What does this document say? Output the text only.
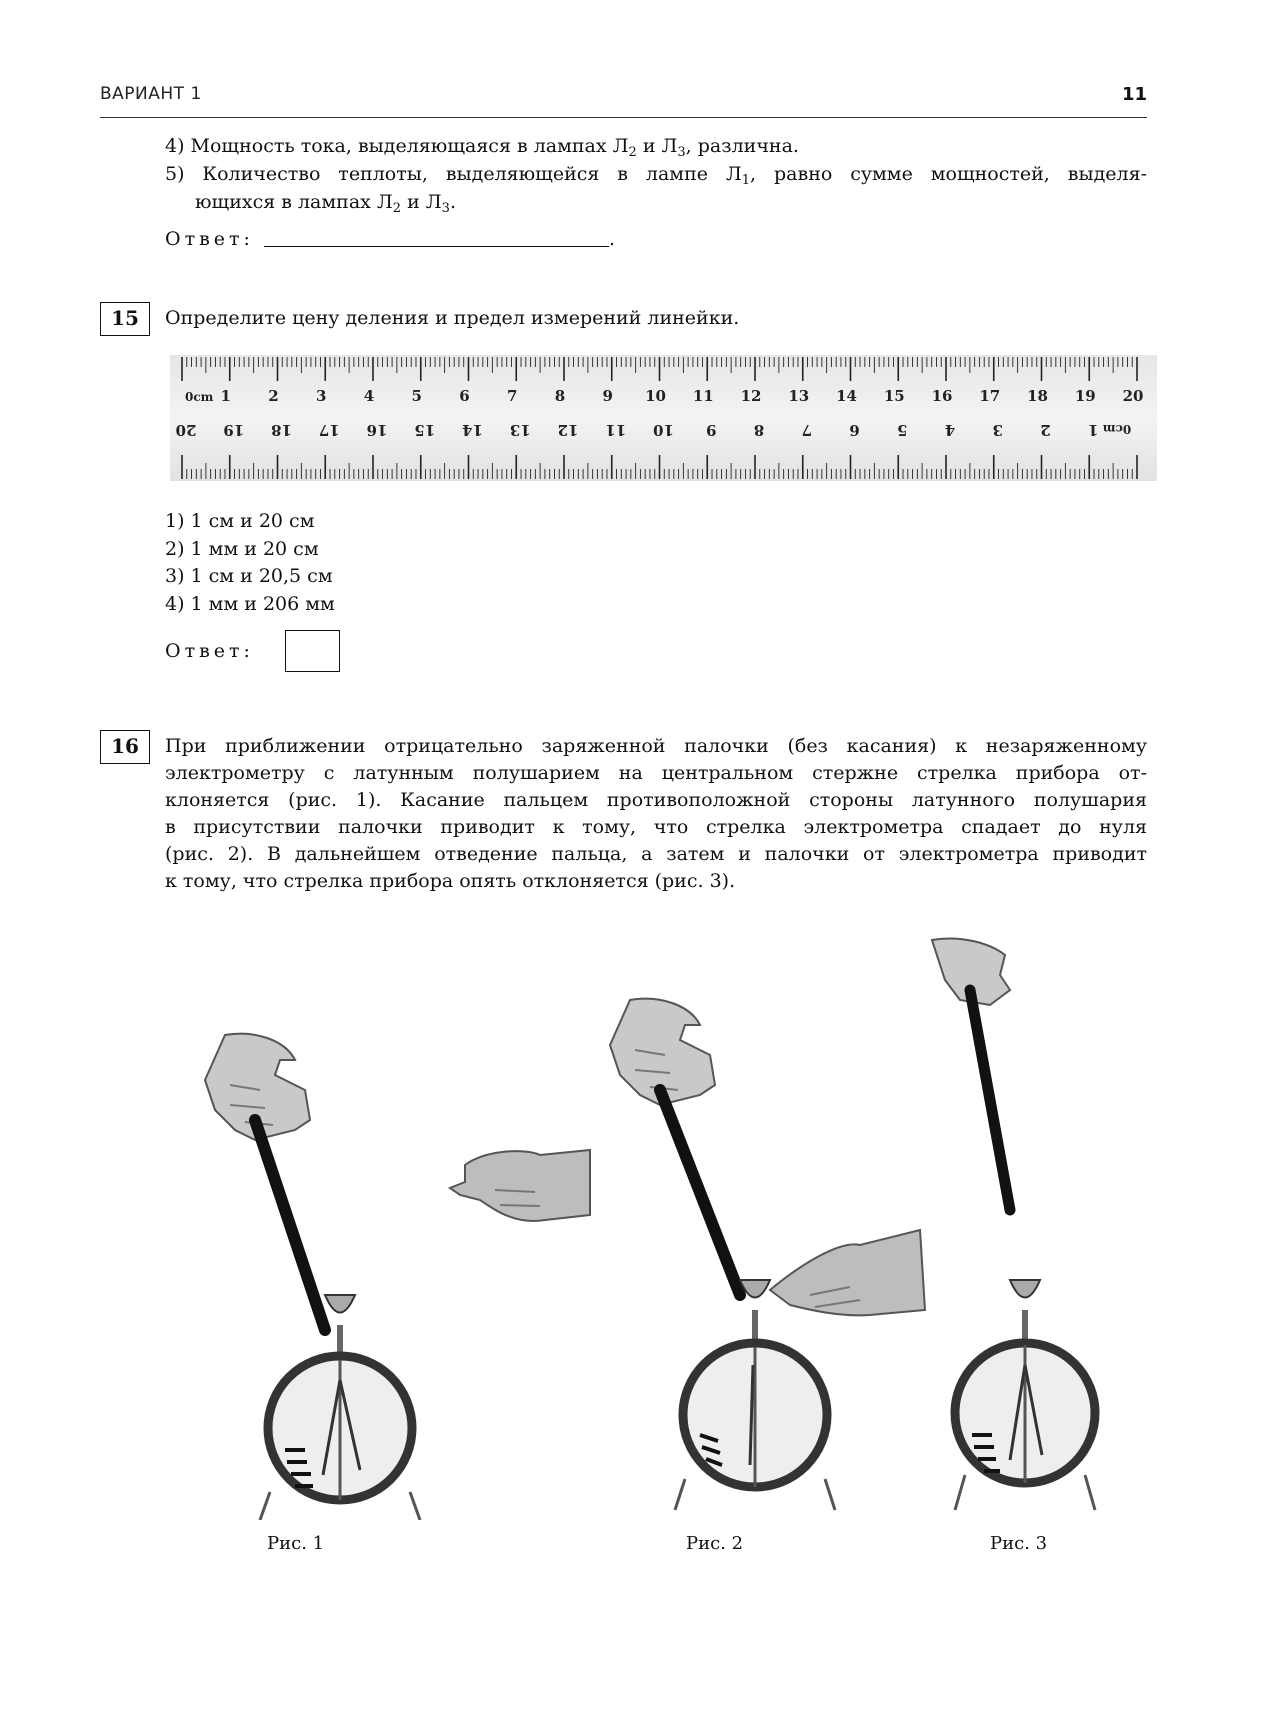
ВАРИАНТ 1	11
4) Мощность тока, выделяющаяся в лампах $Л_2$ и $Л_3$, различна.
5) Количество теплоты, выделяющейся в лампе $Л_1$, равно сумме мощностей, выделя-
ющихся в лампах $Л_2$ и $Л_3$.
Ответ:	.
15	Определите цену деления и предел измерений линейки.
0cm 1 2 3 4 5 6 7 8 9 10 11 12 13 14 15 16 17 18 19 20
0cm
1
2
3
4
5
6
7
8
9
10
11
12
13
14
15
16
17
18
19
20
1) 1 см и 20 см
2) 1 мм и 20 см
3) 1 см и 20,5 см
4) 1 мм и 206 мм
Ответ:
16	При приближении отрицательно заряженной палочки (без касания) к незаряженному
электрометру с латунным полушарием на центральном стержне стрелка прибора от-
клоняется (рис. 1). Касание пальцем противоположной стороны латунного полушария
в присутствии палочки приводит к тому, что стрелка электрометра спадает до нуля
(рис. 2). В дальнейшем отведение пальца, а затем и палочки от электрометра приводит
к тому, что стрелка прибора опять отклоняется (рис. 3).
Рис. 1	Рис. 2	Рис. 3
